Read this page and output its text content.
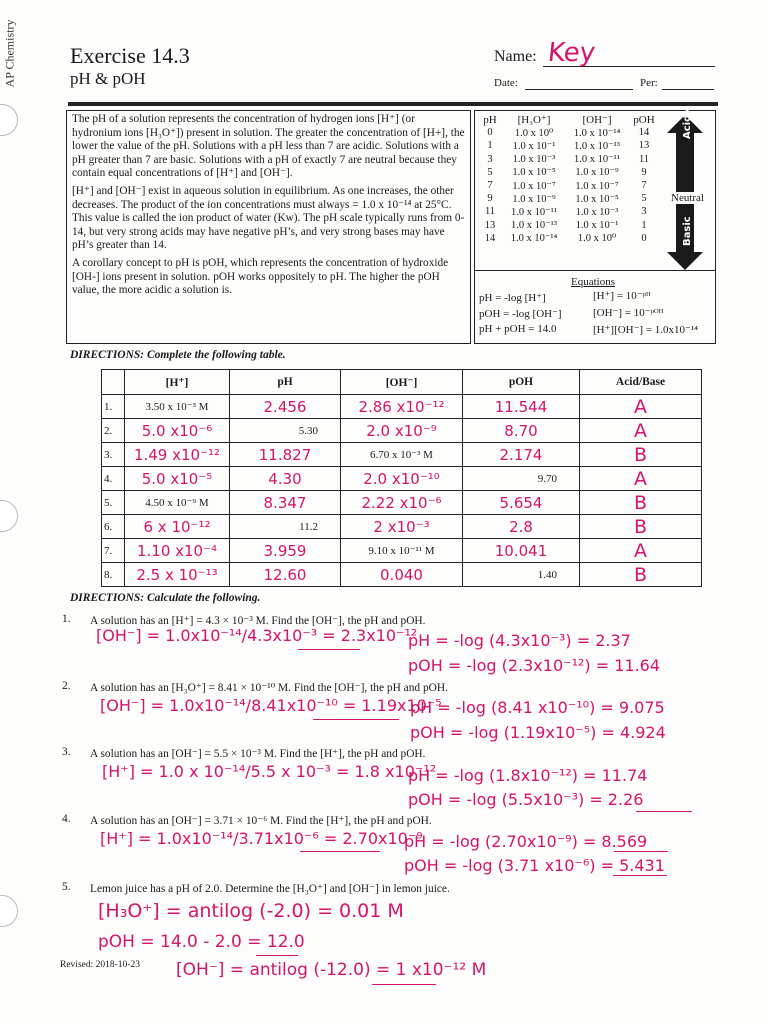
AP Chemistry Exercise 14.3
pH & pOH
Name: Key
Date:	Per:

The pH of a solution represents the concentration of hydrogen ions [H⁺] (or hydronium ions [H₃O⁺]) present in solution. The greater the concentration of [H+], the lower the value of the pH. Solutions with a pH less than 7 are acidic. Solutions with a pH greater than 7 are basic. Solutions with a pH of exactly 7 are neutral because they contain equal concentrations of [H⁺] and [OH⁻].

[H⁺] and [OH⁻] exist in aqueous solution in equilibrium. As one increases, the other decreases. The product of the ion concentrations must always = 1.0 x 10⁻¹⁴ at 25°C. This value is called the ion product of water (Kw). The pH scale typically runs from 0-14, but very strong acids may have negative pH’s, and very strong bases may have pH’s greater than 14.

A corollary concept to pH is pOH, which represents the concentration of hydroxide [OH-] ions present in solution. pOH works oppositely to pH. The higher the pOH value, the more acidic a solution is.

pH	[H₃O⁺]	[OH⁻]	pOH
0	1.0 x 10⁰	1.0 x 10⁻¹⁴	14
1	1.0 x 10⁻¹	1.0 x 10⁻¹³	13
3	1.0 x 10⁻³	1.0 x 10⁻¹¹	11
5	1.0 x 10⁻⁵	1.0 x 10⁻⁹	9
7	1.0 x 10⁻⁷	1.0 x 10⁻⁷	7
9	1.0 x 10⁻⁹	1.0 x 10⁻⁵	5
11	1.0 x 10⁻¹¹	1.0 x 10⁻³	3
13	1.0 x 10⁻¹³	1.0 x 10⁻¹	1
14	1.0 x 10⁻¹⁴	1.0 x 10⁰	0
Acidic
Neutral
Basic
Equations
pH = -log [H⁺]
pOH = -log [OH⁻]
pH + pOH = 14.0
[H⁺] = 10⁻ᵖᴴ
[OH⁻] = 10⁻ᵖᴼᴴ
[H⁺][OH⁻] = 1.0x10⁻¹⁴
DIRECTIONS: Complete the following table.
	[H⁺]	pH	[OH⁻]	pOH	Acid/Base
1.	3.50 x 10⁻³ M	2.456	2.86 x10⁻¹²	11.544	A
2.	5.0 x10⁻⁶	5.30	2.0 x10⁻⁹	8.70	A
3.	1.49 x10⁻¹²	11.827	6.70 x 10⁻³ M	2.174	B
4.	5.0 x10⁻⁵	4.30	2.0 x10⁻¹⁰	9.70	A
5.	4.50 x 10⁻⁹ M	8.347	2.22 x10⁻⁶	5.654	B
6.	6 x 10⁻¹²	11.2	2 x10⁻³	2.8	B
7.	1.10 x10⁻⁴	3.959	9.10 x 10⁻¹¹ M	10.041	A
8.	2.5 x 10⁻¹³	12.60	0.040	1.40	B
DIRECTIONS: Calculate the following.
1. A solution has an [H⁺] = 4.3 × 10⁻³ M. Find the [OH⁻], the pH and pOH.
[OH⁻] = 1.0x10⁻¹⁴/4.3x10⁻³ = 2.3x10⁻¹²
pH = -log (4.3x10⁻³) = 2.37
pOH = -log (2.3x10⁻¹²) = 11.64
2. A solution has an [H₃O⁺] = 8.41 × 10⁻¹⁰ M. Find the [OH⁻], the pH and pOH.
[OH⁻] = 1.0x10⁻¹⁴/8.41x10⁻¹⁰ = 1.19x10⁻⁵
pH = -log (8.41 x10⁻¹⁰) = 9.075
pOH = -log (1.19x10⁻⁵) = 4.924
3. A solution has an [OH⁻] = 5.5 × 10⁻³ M. Find the [H⁺], the pH and pOH.
[H⁺] = 1.0 x 10⁻¹⁴/5.5 x 10⁻³ = 1.8 x10⁻¹²
pH = -log (1.8x10⁻¹²) = 11.74
pOH = -log (5.5x10⁻³) = 2.26
4. A solution has an [OH⁻] = 3.71 × 10⁻⁶ M. Find the [H⁺], the pH and pOH.
[H⁺] = 1.0x10⁻¹⁴/3.71x10⁻⁶ = 2.70x10⁻⁹
pH = -log (2.70x10⁻⁹) = 8.569
pOH = -log (3.71 x10⁻⁶) = 5.431
5. Lemon juice has a pH of 2.0. Determine the [H₃O⁺] and [OH⁻] in lemon juice.
[H₃O⁺] = antilog (-2.0) = 0.01 M
pOH = 14.0 - 2.0 = 12.0
[OH⁻] = antilog (-12.0) = 1 x10⁻¹² M
Revised: 2018-10-23
